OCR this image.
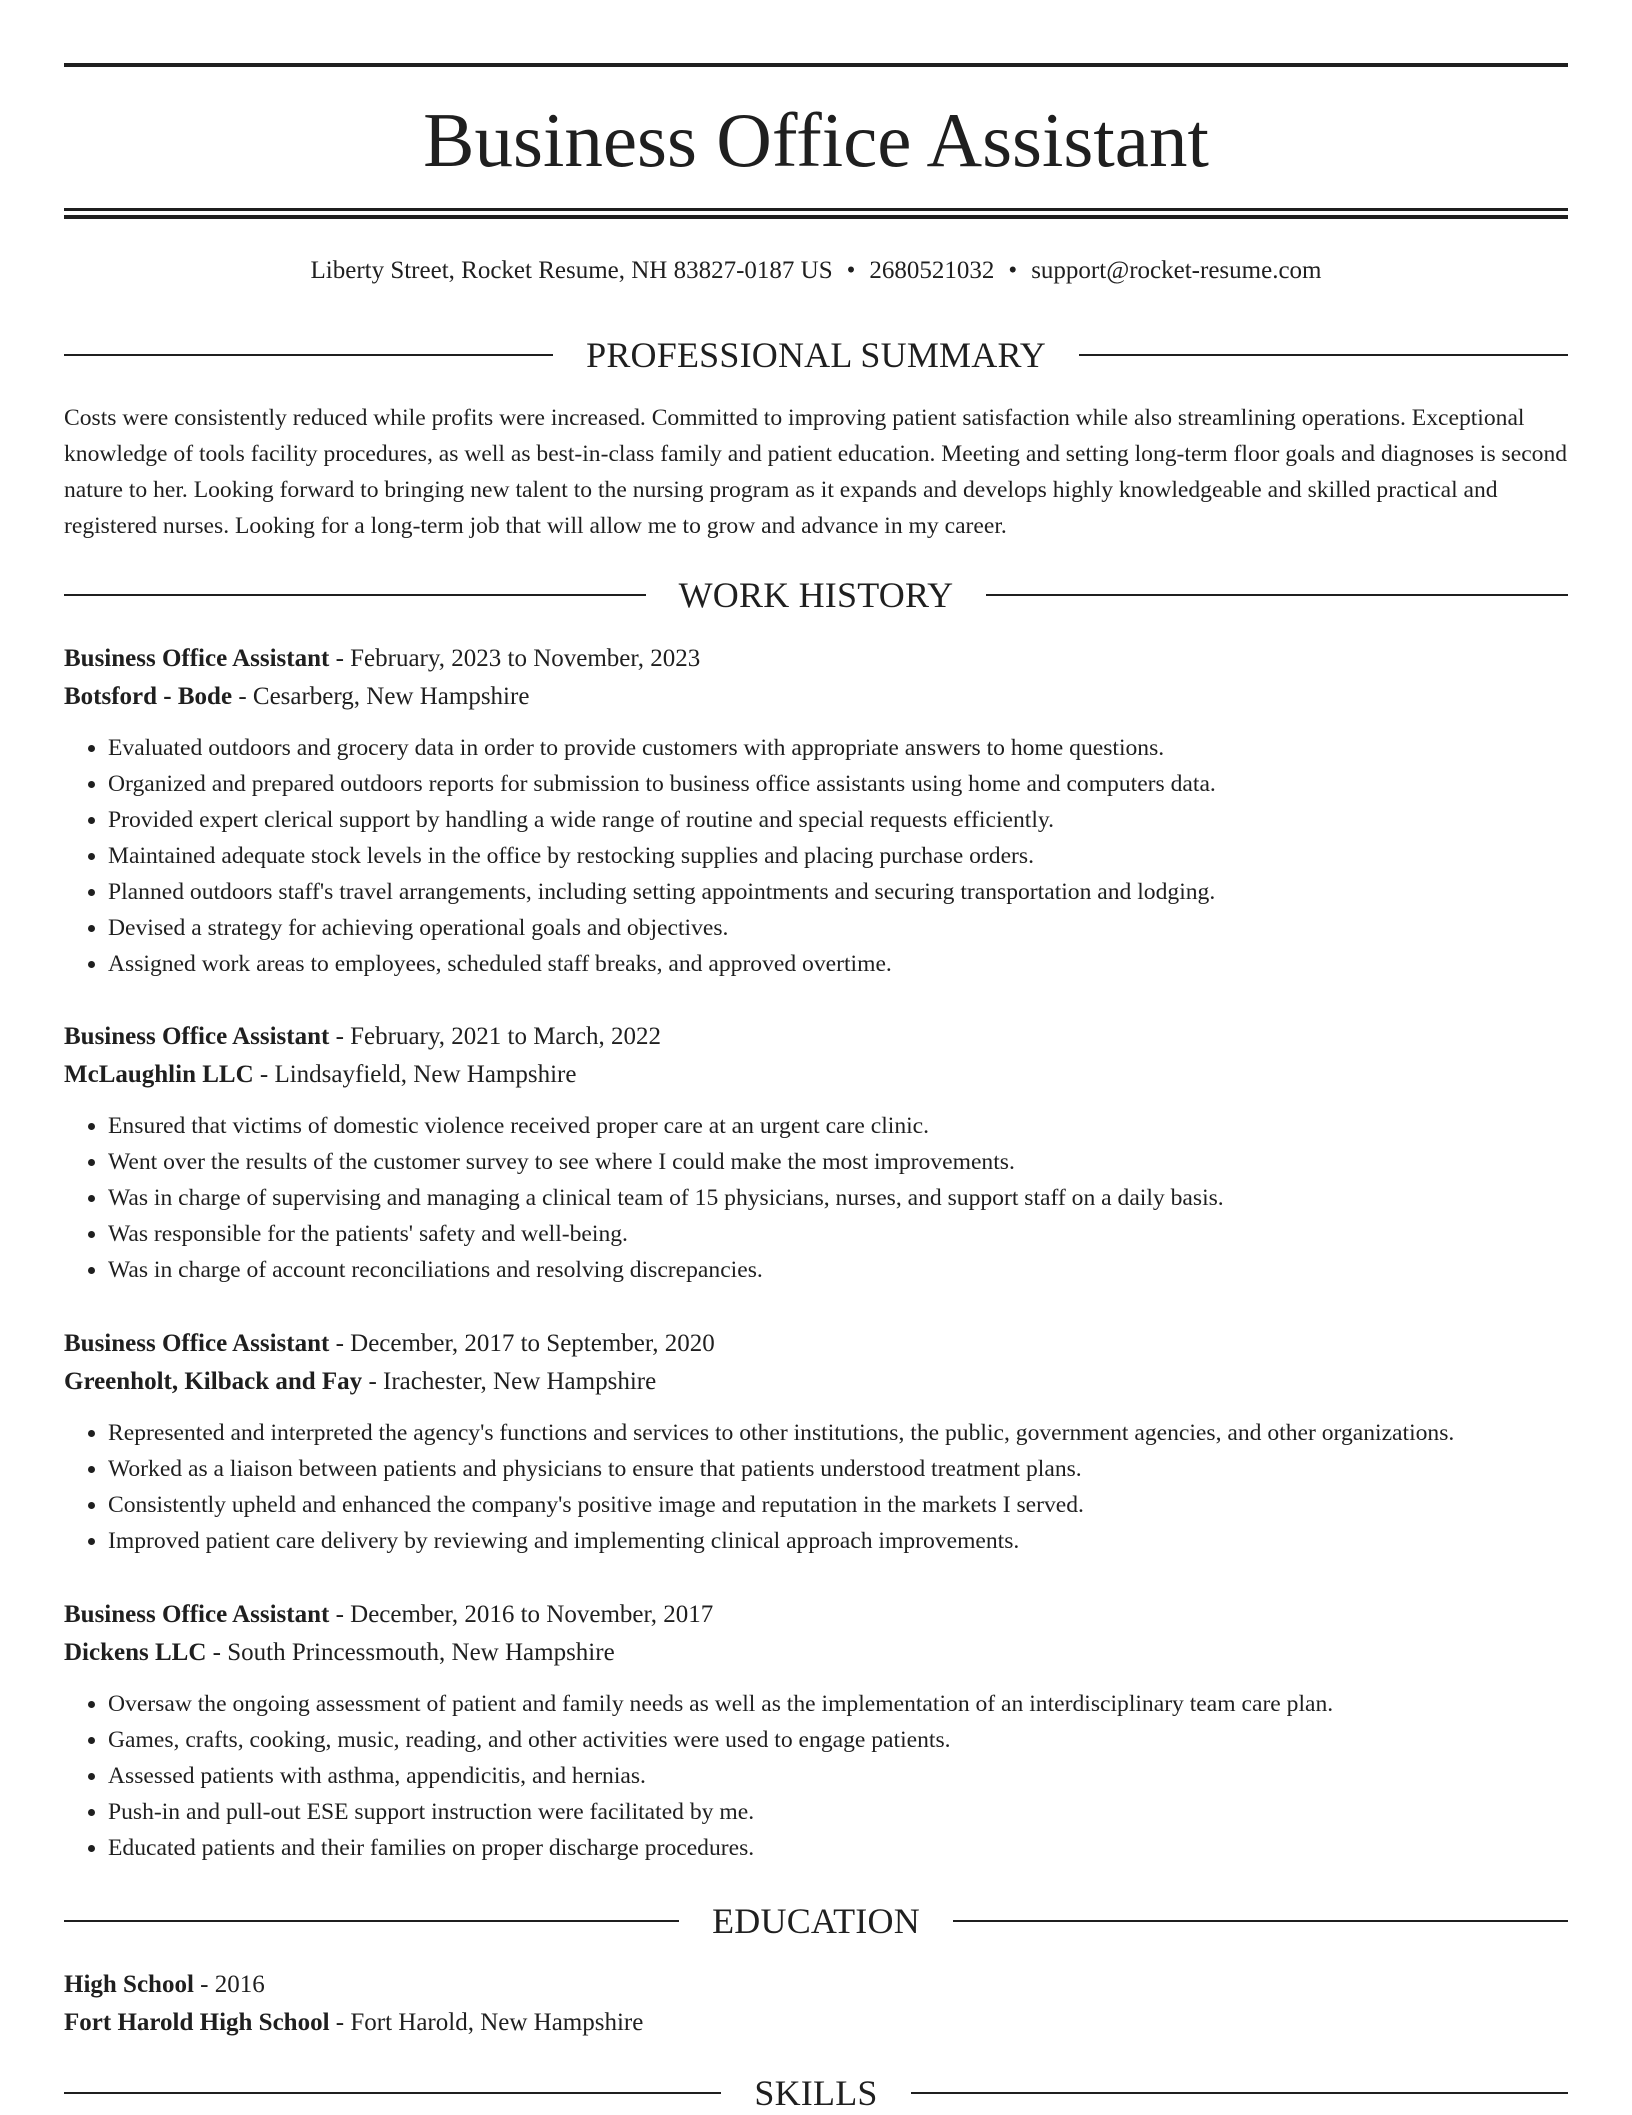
Business Office Assistant
Liberty Street, Rocket Resume, NH 83827-0187 US • 2680521032 • support@rocket-resume.com
PROFESSIONAL SUMMARY

Costs were consistently reduced while profits were increased. Committed to improving patient satisfaction while also streamlining operations. Exceptional knowledge of tools facility procedures, as well as best-in-class family and patient education. Meeting and setting long-term floor goals and diagnoses is second nature to her. Looking forward to bringing new talent to the nursing program as it expands and develops highly knowledgeable and skilled practical and registered nurses. Looking for a long-term job that will allow me to grow and advance in my career.

WORK HISTORY
Business Office Assistant - February, 2023 to November, 2023
Botsford - Bode - Cesarberg, New Hampshire
• Evaluated outdoors and grocery data in order to provide customers with appropriate answers to home questions.
• Organized and prepared outdoors reports for submission to business office assistants using home and computers data.
• Provided expert clerical support by handling a wide range of routine and special requests efficiently.
• Maintained adequate stock levels in the office by restocking supplies and placing purchase orders.
• Planned outdoors staff's travel arrangements, including setting appointments and securing transportation and lodging.
• Devised a strategy for achieving operational goals and objectives.
• Assigned work areas to employees, scheduled staff breaks, and approved overtime.
Business Office Assistant - February, 2021 to March, 2022
McLaughlin LLC - Lindsayfield, New Hampshire
• Ensured that victims of domestic violence received proper care at an urgent care clinic.
• Went over the results of the customer survey to see where I could make the most improvements.
• Was in charge of supervising and managing a clinical team of 15 physicians, nurses, and support staff on a daily basis.
• Was responsible for the patients' safety and well-being.
• Was in charge of account reconciliations and resolving discrepancies.
Business Office Assistant - December, 2017 to September, 2020
Greenholt, Kilback and Fay - Irachester, New Hampshire
• Represented and interpreted the agency's functions and services to other institutions, the public, government agencies, and other organizations.
• Worked as a liaison between patients and physicians to ensure that patients understood treatment plans.
• Consistently upheld and enhanced the company's positive image and reputation in the markets I served.
• Improved patient care delivery by reviewing and implementing clinical approach improvements.
Business Office Assistant - December, 2016 to November, 2017
Dickens LLC - South Princessmouth, New Hampshire
• Oversaw the ongoing assessment of patient and family needs as well as the implementation of an interdisciplinary team care plan.
• Games, crafts, cooking, music, reading, and other activities were used to engage patients.
• Assessed patients with asthma, appendicitis, and hernias.
• Push-in and pull-out ESE support instruction were facilitated by me.
• Educated patients and their families on proper discharge procedures.
EDUCATION
High School - 2016
Fort Harold High School - Fort Harold, New Hampshire
SKILLS
